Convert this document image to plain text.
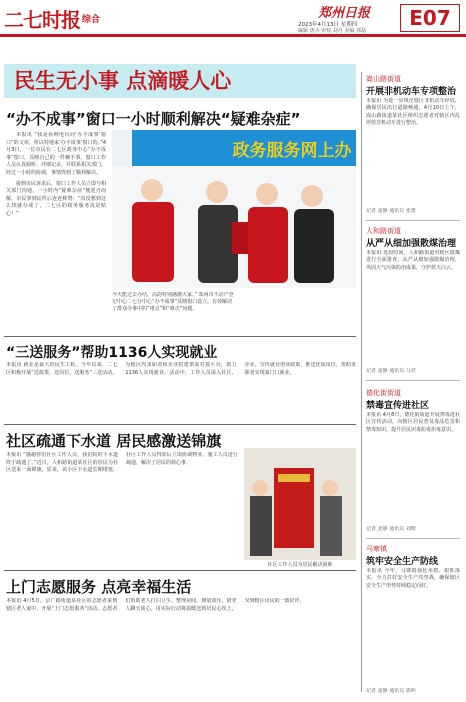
二七时报 综合	郑州日报
2023年4月13日 星期四
编辑 唐卉 审校 刘月 美编 郭磊
E07
民生无小事 点滴暖人心
“办不成事”窗口一小时顺利解决“疑难杂症”

本报讯 “我是看网电台问‘办不成事’窗口”的文章，所以特地来‘办不成事’窗口的。”4月3日，一位市民在二七区政务中心“办不成事”窗口，反映自己的一件棘手事。窗口工作人员认真倾听、详细记录，并联系相关部门，经过一小时的协调，事情得到了顺利解决。

接到市民诉求后，窗口工作人员立即与相关部门沟通，一小时内“疑难杂症”便迎刃而解。市民拿到证件后连连称赞：“真没想到这么快就办成了，二七区的政务服务真是贴心！”

政务服务网上办
今天能过去办结，高韵特别感激大家。” 郑州市不动产登记中心二七分中心“办不成事”反映窗口设立，有效解决了群众办事中的“堵点”和“难点”问题。
“三送服务”帮助1136人实现就业
本报讯 就业是最大的民生工程。今年以来，二七区积极开展“送政策、送岗位、送服务”三送活动，为辖区内求职者和企业搭建供需对接平台，助力1136人实现就业。活动中，工作人员深入社区、企业，宣传就业创业政策，推送优质岗位，帮助求职者实现家门口就业。
社区疏通下水道 居民感激送锦旗
本报讯 “感谢你们社区工作人员，我们院的下水道终于疏通了。”近日，人和路街道某社区的居民为社区送来一面锦旗。原来，该小区下水道长期堵塞，社区工作人员得知后立即协调物业、施工人员进行疏通，解决了居民的烦心事。
社区工作人员为居民解决困难
上门志愿服务 点亮幸福生活
本报讯 4月5日，京广路街道某社区的志愿者来到辖区老人家中，开展“上门志愿服务”活动。志愿者们帮助老人打扫卫生、整理房间、测量血压，陪老人聊天谈心，用实际行动将温暖送到居民心坎上，受到辖区居民的一致好评。
嵩山路街道
开展非机动车专项整治
本报讯 为进一步规范辖区非机动车停放，确保居民出行道路畅通，4月10日上午，嵩山路街道某社区组织志愿者对辖区内乱停放非机动车进行整治。
记者 姜静 通讯员 张蕾
人和路街道
从严从细加强散煤治理
本报讯 近段时间，人和路街道对辖区散煤进行全面排查，从严从细加强散煤治理，巩固大气污染防治成果，守护蓝天白云。
记者 姜静 通讯员 马君
德化街街道
禁毒宣传进社区
本报讯 4月8日，德化街街道开展禁毒进社区宣传活动，向辖区居民普及毒品危害和禁毒知识，提升居民识毒防毒拒毒意识。
记者 姜静 通讯员 刘晴
马寨镇
筑牢安全生产防线
本报讯 今年，马寨镇强化举措，狠抓落实，全力打好安全生产攻坚战，确保辖区安全生产形势持续稳定向好。
记者 姜静 通讯员 郭婷
